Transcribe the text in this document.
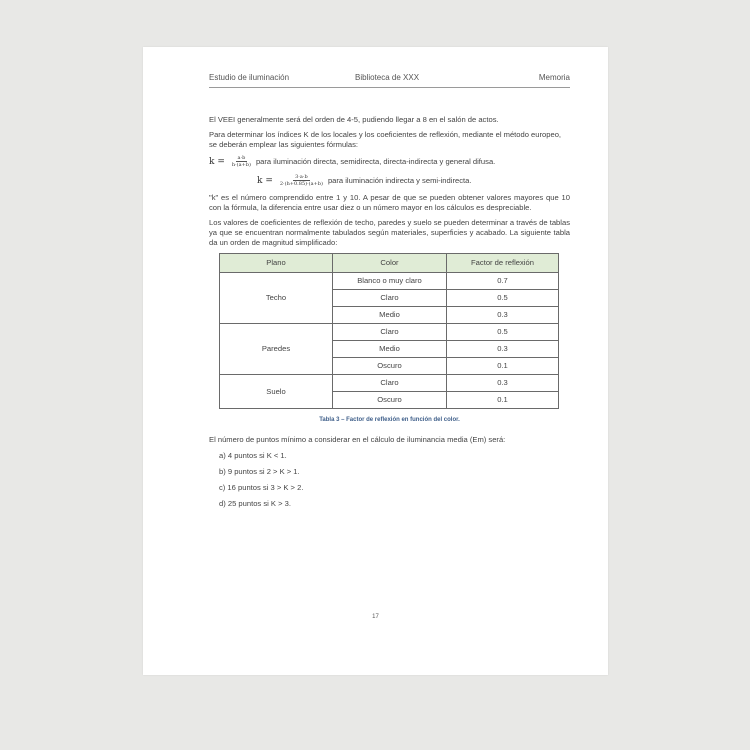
Estudio de iluminación	Biblioteca de XXX	Memoria

El VEEI generalmente será del orden de 4-5, pudiendo llegar a 8 en el salón de actos.

Para determinar los índices K de los locales y los coeficientes de reflexión, mediante el método europeo, se deberán emplear las siguientes fórmulas:

$k = \frac{a\cdot b}{h\cdot(a+b)}$ para iluminación directa, semidirecta, directa-indirecta y general difusa.
$k = \frac{3\cdot a\cdot b}{2\cdot(h+0.85)\cdot(a+b)}$ para iluminación indirecta y semi-indirecta.

"k" es el número comprendido entre 1 y 10. A pesar de que se pueden obtener valores mayores que 10 con la fórmula, la diferencia entre usar diez o un número mayor en los cálculos es despreciable.

Los valores de coeficientes de reflexión de techo, paredes y suelo se pueden determinar a través de tablas ya que se encuentran normalmente tabulados según materiales, superficies y acabado. La siguiente tabla da un orden de magnitud simplificado:

Plano	Color	Factor de reflexión
Techo	Blanco o muy claro	0.7
	Claro	0.5
	Medio	0.3
Paredes	Claro	0.5
	Medio	0.3
	Oscuro	0.1
Suelo	Claro	0.3
	Oscuro	0.1
Tabla 3 – Factor de reflexión en función del color.

El número de puntos mínimo a considerar en el cálculo de iluminancia media (Em) será:

a) 4 puntos si K < 1.
b) 9 puntos si 2 > K > 1.
c) 16 puntos si 3 > K > 2.
d) 25 puntos si K > 3.
17
